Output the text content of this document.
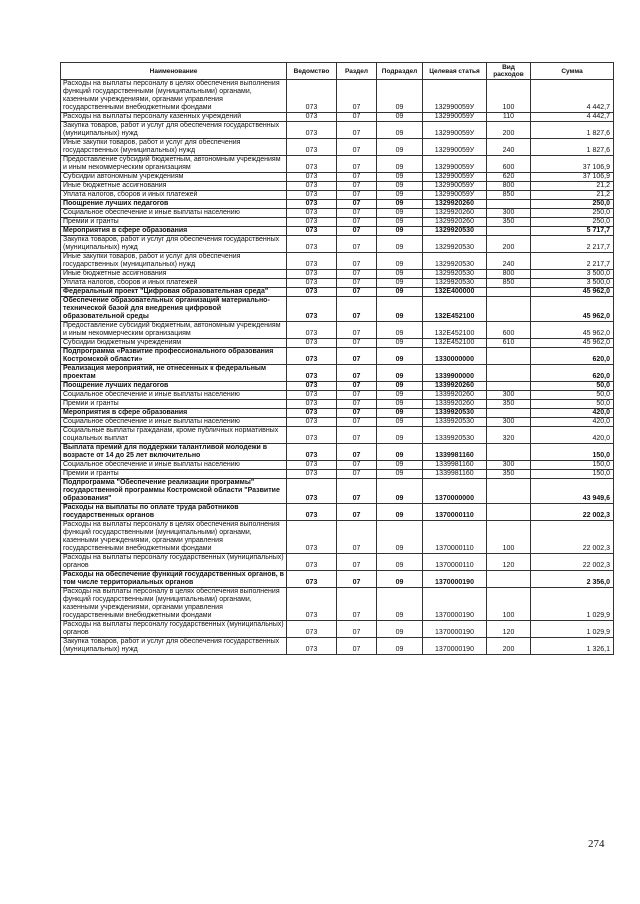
Наименование	Ведомство	Раздел	Подраздел	Целевая статья	Вид расходов	Сумма
Расходы на выплаты персоналу в целях обеспечения выполнения функций государственными (муниципальными) органами, казенными учреждениями, органами управления государственными внебюджетными фондами	073	07	09	132990059У	100	4 442,7
Расходы на выплаты персоналу казенных учреждений	073	07	09	132990059У	110	4 442,7
Закупка товаров, работ и услуг для обеспечения государственных (муниципальных) нужд	073	07	09	132990059У	200	1 827,6
Иные закупки товаров, работ и услуг для обеспечения государственных (муниципальных) нужд	073	07	09	132990059У	240	1 827,6
Предоставление субсидий бюджетным, автономным учреждениям и иным некоммерческим организациям	073	07	09	132990059У	600	37 106,9
Субсидии автономным учреждениям	073	07	09	132990059У	620	37 106,9
Иные бюджетные ассигнования	073	07	09	132990059У	800	21,2
Уплата налогов, сборов и иных платежей	073	07	09	132990059У	850	21,2
Поощрение лучших педагогов	073	07	09	1329920260		250,0
Социальное обеспечение и иные выплаты населению	073	07	09	1329920260	300	250,0
Премии и гранты	073	07	09	1329920260	350	250,0
Мероприятия в сфере образования	073	07	09	1329920530		5 717,7
Закупка товаров, работ и услуг для обеспечения государственных (муниципальных) нужд	073	07	09	1329920530	200	2 217,7
Иные закупки товаров, работ и услуг для обеспечения государственных (муниципальных) нужд	073	07	09	1329920530	240	2 217,7
Иные бюджетные ассигнования	073	07	09	1329920530	800	3 500,0
Уплата налогов, сборов и иных платежей	073	07	09	1329920530	850	3 500,0
Федеральный проект "Цифровая образовательная среда"	073	07	09	132E400000		45 962,0
Обеспечение образовательных организаций материально-технической базой для внедрения цифровой образовательной среды	073	07	09	132E452100		45 962,0
Предоставление субсидий бюджетным, автономным учреждениям и иным некоммерческим организациям	073	07	09	132E452100	600	45 962,0
Субсидии бюджетным учреждениям	073	07	09	132E452100	610	45 962,0
Подпрограмма «Развитие профессионального образования Костромской области»	073	07	09	1330000000		620,0
Реализация мероприятий, не отнесенных к федеральным проектам	073	07	09	1339900000		620,0
Поощрение лучших педагогов	073	07	09	1339920260		50,0
Социальное обеспечение и иные выплаты населению	073	07	09	1339920260	300	50,0
Премии и гранты	073	07	09	1339920260	350	50,0
Мероприятия в сфере образования	073	07	09	1339920530		420,0
Социальное обеспечение и иные выплаты населению	073	07	09	1339920530	300	420,0
Социальные выплаты гражданам, кроме публичных нормативных социальных выплат	073	07	09	1339920530	320	420,0
Выплата премий для поддержки талантливой молодежи в возрасте от 14 до 25 лет включительно	073	07	09	1339981160		150,0
Социальное обеспечение и иные выплаты населению	073	07	09	1339981160	300	150,0
Премии и гранты	073	07	09	1339981160	350	150,0
Подпрограмма "Обеспечение реализации программы" государственной программы Костромской области "Развитие образования"	073	07	09	1370000000		43 949,6
Расходы на выплаты по оплате труда работников государственных органов	073	07	09	1370000110		22 002,3
Расходы на выплаты персоналу в целях обеспечения выполнения функций государственными (муниципальными) органами, казенными учреждениями, органами управления государственными внебюджетными фондами	073	07	09	1370000110	100	22 002,3
Расходы на выплаты персоналу государственных (муниципальных) органов	073	07	09	1370000110	120	22 002,3
Расходы на обеспечение функций государственных органов, в том числе территориальных органов	073	07	09	1370000190		2 356,0
Расходы на выплаты персоналу в целях обеспечения выполнения функций государственными (муниципальными) органами, казенными учреждениями, органами управления государственными внебюджетными фондами	073	07	09	1370000190	100	1 029,9
Расходы на выплаты персоналу государственных (муниципальных) органов	073	07	09	1370000190	120	1 029,9
Закупка товаров, работ и услуг для обеспечения государственных (муниципальных) нужд	073	07	09	1370000190	200	1 326,1
274
